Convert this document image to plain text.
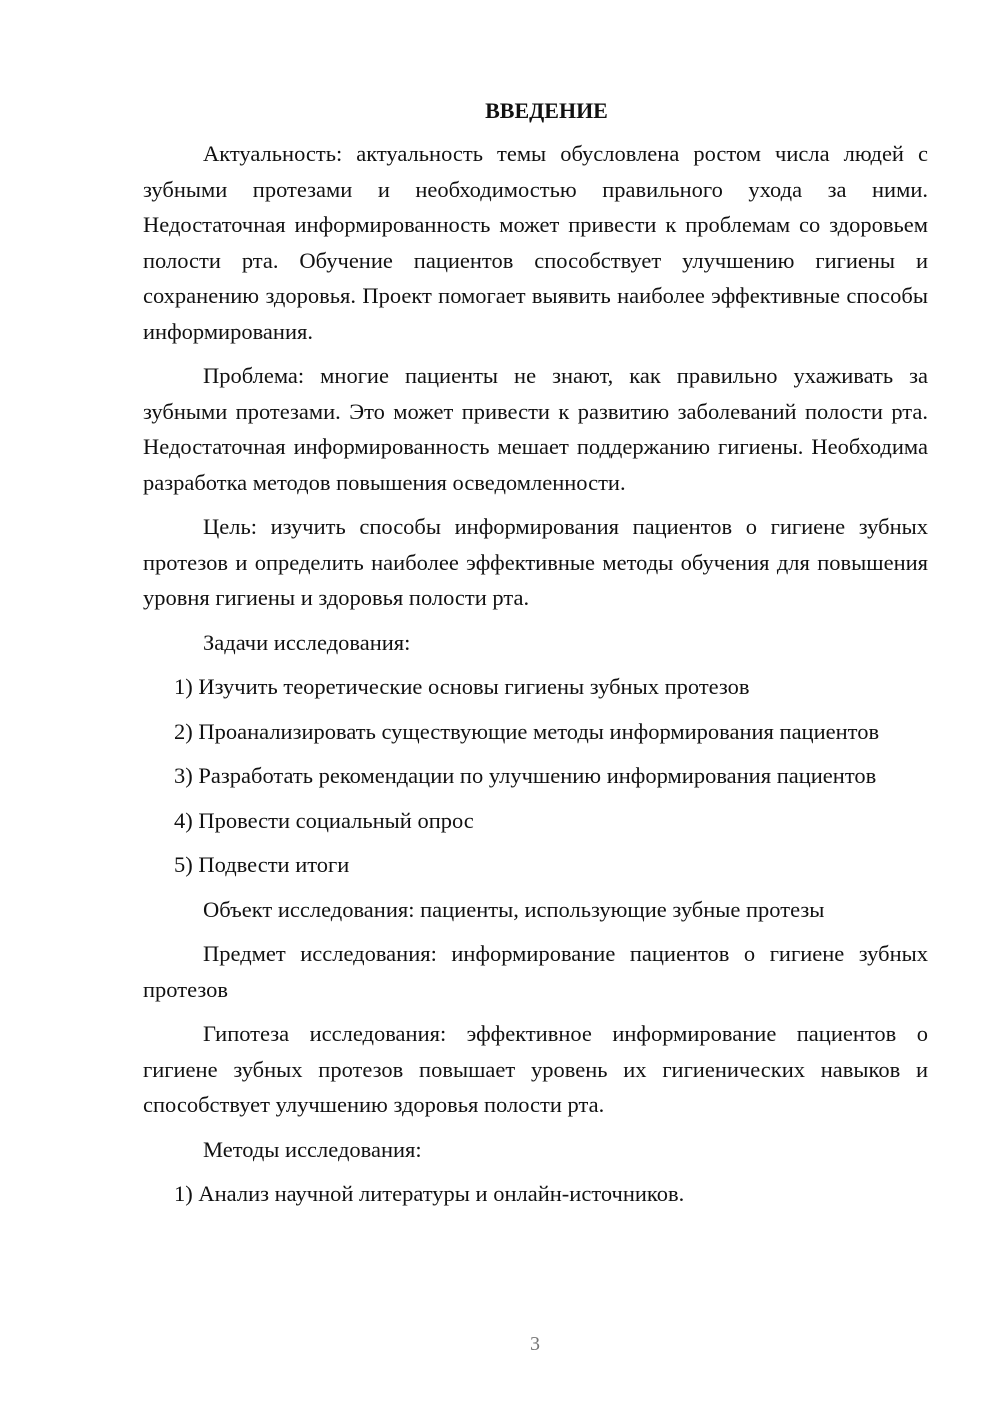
ВВЕДЕНИЕ

Актуальность: актуальность темы обусловлена ростом числа людей с зубными протезами и необходимостью правильного ухода за ними. Недостаточная информированность может привести к проблемам со здоровьем полости рта. Обучение пациентов способствует улучшению гигиены и сохранению здоровья. Проект помогает выявить наиболее эффективные способы информирования.

Проблема: многие пациенты не знают, как правильно ухаживать за зубными протезами. Это может привести к развитию заболеваний полости рта. Недостаточная информированность мешает поддержанию гигиены. Необходима разработка методов повышения осведомленности.

Цель: изучить способы информирования пациентов о гигиене зубных протезов и определить наиболее эффективные методы обучения для повышения уровня гигиены и здоровья полости рта.

Задачи исследования:

1) Изучить теоретические основы гигиены зубных протезов

2) Проанализировать существующие методы информирования пациентов

3) Разработать рекомендации по улучшению информирования пациентов

4) Провести социальный опрос

5) Подвести итоги

Объект исследования: пациенты, использующие зубные протезы

Предмет исследования: информирование пациентов о гигиене зубных протезов

Гипотеза исследования: эффективное информирование пациентов о гигиене зубных протезов повышает уровень их гигиенических навыков и способствует улучшению здоровья полости рта.

Методы исследования:

1) Анализ научной литературы и онлайн-источников.

3
